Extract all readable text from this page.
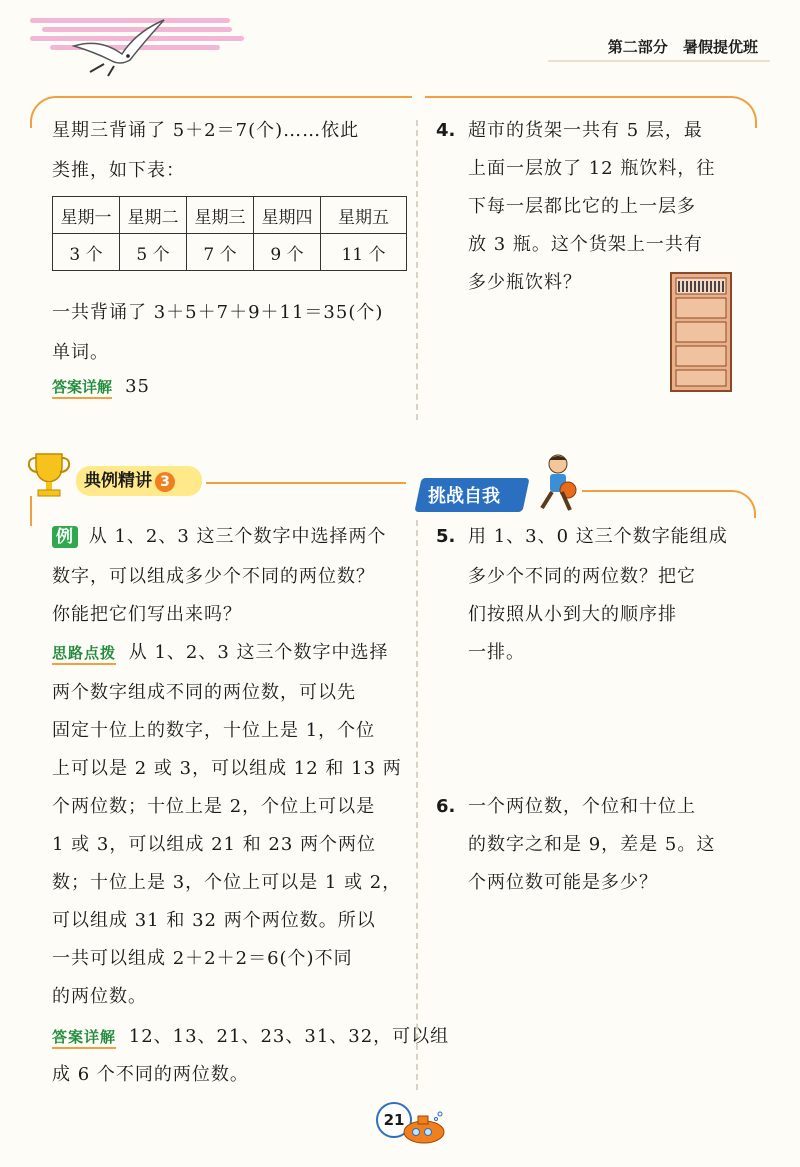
第二部分 暑假提优班
星期三背诵了 5＋2＝7(个)……依此
类推，如下表：
星期一	星期二	星期三	星期四	星期五
3 个	5 个	7 个	9 个	11 个
一共背诵了 3＋5＋7＋9＋11＝35(个)
单词。
答案详解 35
4. 超市的货架一共有 5 层，最
上面一层放了 12 瓶饮料，往
下每一层都比它的上一层多
放 3 瓶。这个货架上一共有
多少瓶饮料？
典例精讲 3
挑战自我
例 从 1、2、3 这三个数字中选择两个
数字，可以组成多少个不同的两位数？
你能把它们写出来吗？
思路点拨 从 1、2、3 这三个数字中选择
两个数字组成不同的两位数，可以先
固定十位上的数字，十位上是 1，个位
上可以是 2 或 3，可以组成 12 和 13 两
个两位数；十位上是 2，个位上可以是
1 或 3，可以组成 21 和 23 两个两位
数；十位上是 3，个位上可以是 1 或 2，
可以组成 31 和 32 两个两位数。所以
一共可以组成 2＋2＋2＝6(个)不同
的两位数。
答案详解 12、13、21、23、31、32，可以组
成 6 个不同的两位数。
5. 用 1、3、0 这三个数字能组成
多少个不同的两位数？把它
们按照从小到大的顺序排
一排。
6. 一个两位数，个位和十位上
的数字之和是 9，差是 5。这
个两位数可能是多少？
21
